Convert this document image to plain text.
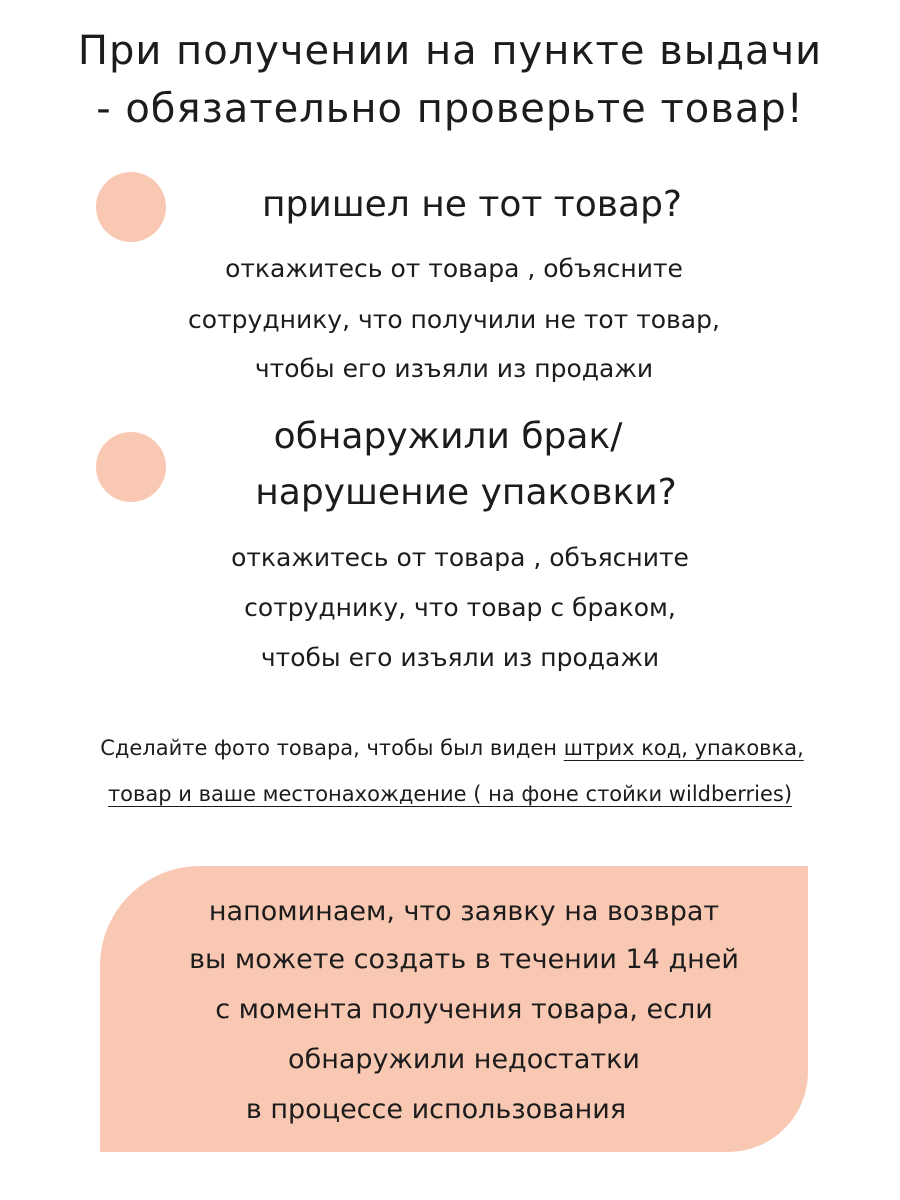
При получении на пункте выдачи
- обязательно проверьте товар!
пришел не тот товар?
откажитесь от товара , объясните
сотруднику, что получили не тот товар,
чтобы его изъяли из продажи
обнаружили брак/
нарушение упаковки?
откажитесь от товара , объясните
сотруднику, что товар с браком,
чтобы его изъяли из продажи
Сделайте фото товара, чтобы был виден штрих код, упаковка,
товар и ваше местонахождение ( на фоне стойки wildberries)
напоминаем, что заявку на возврат
вы можете создать в течении 14 дней
с момента получения товара, если
обнаружили недостатки
в процессе использования
